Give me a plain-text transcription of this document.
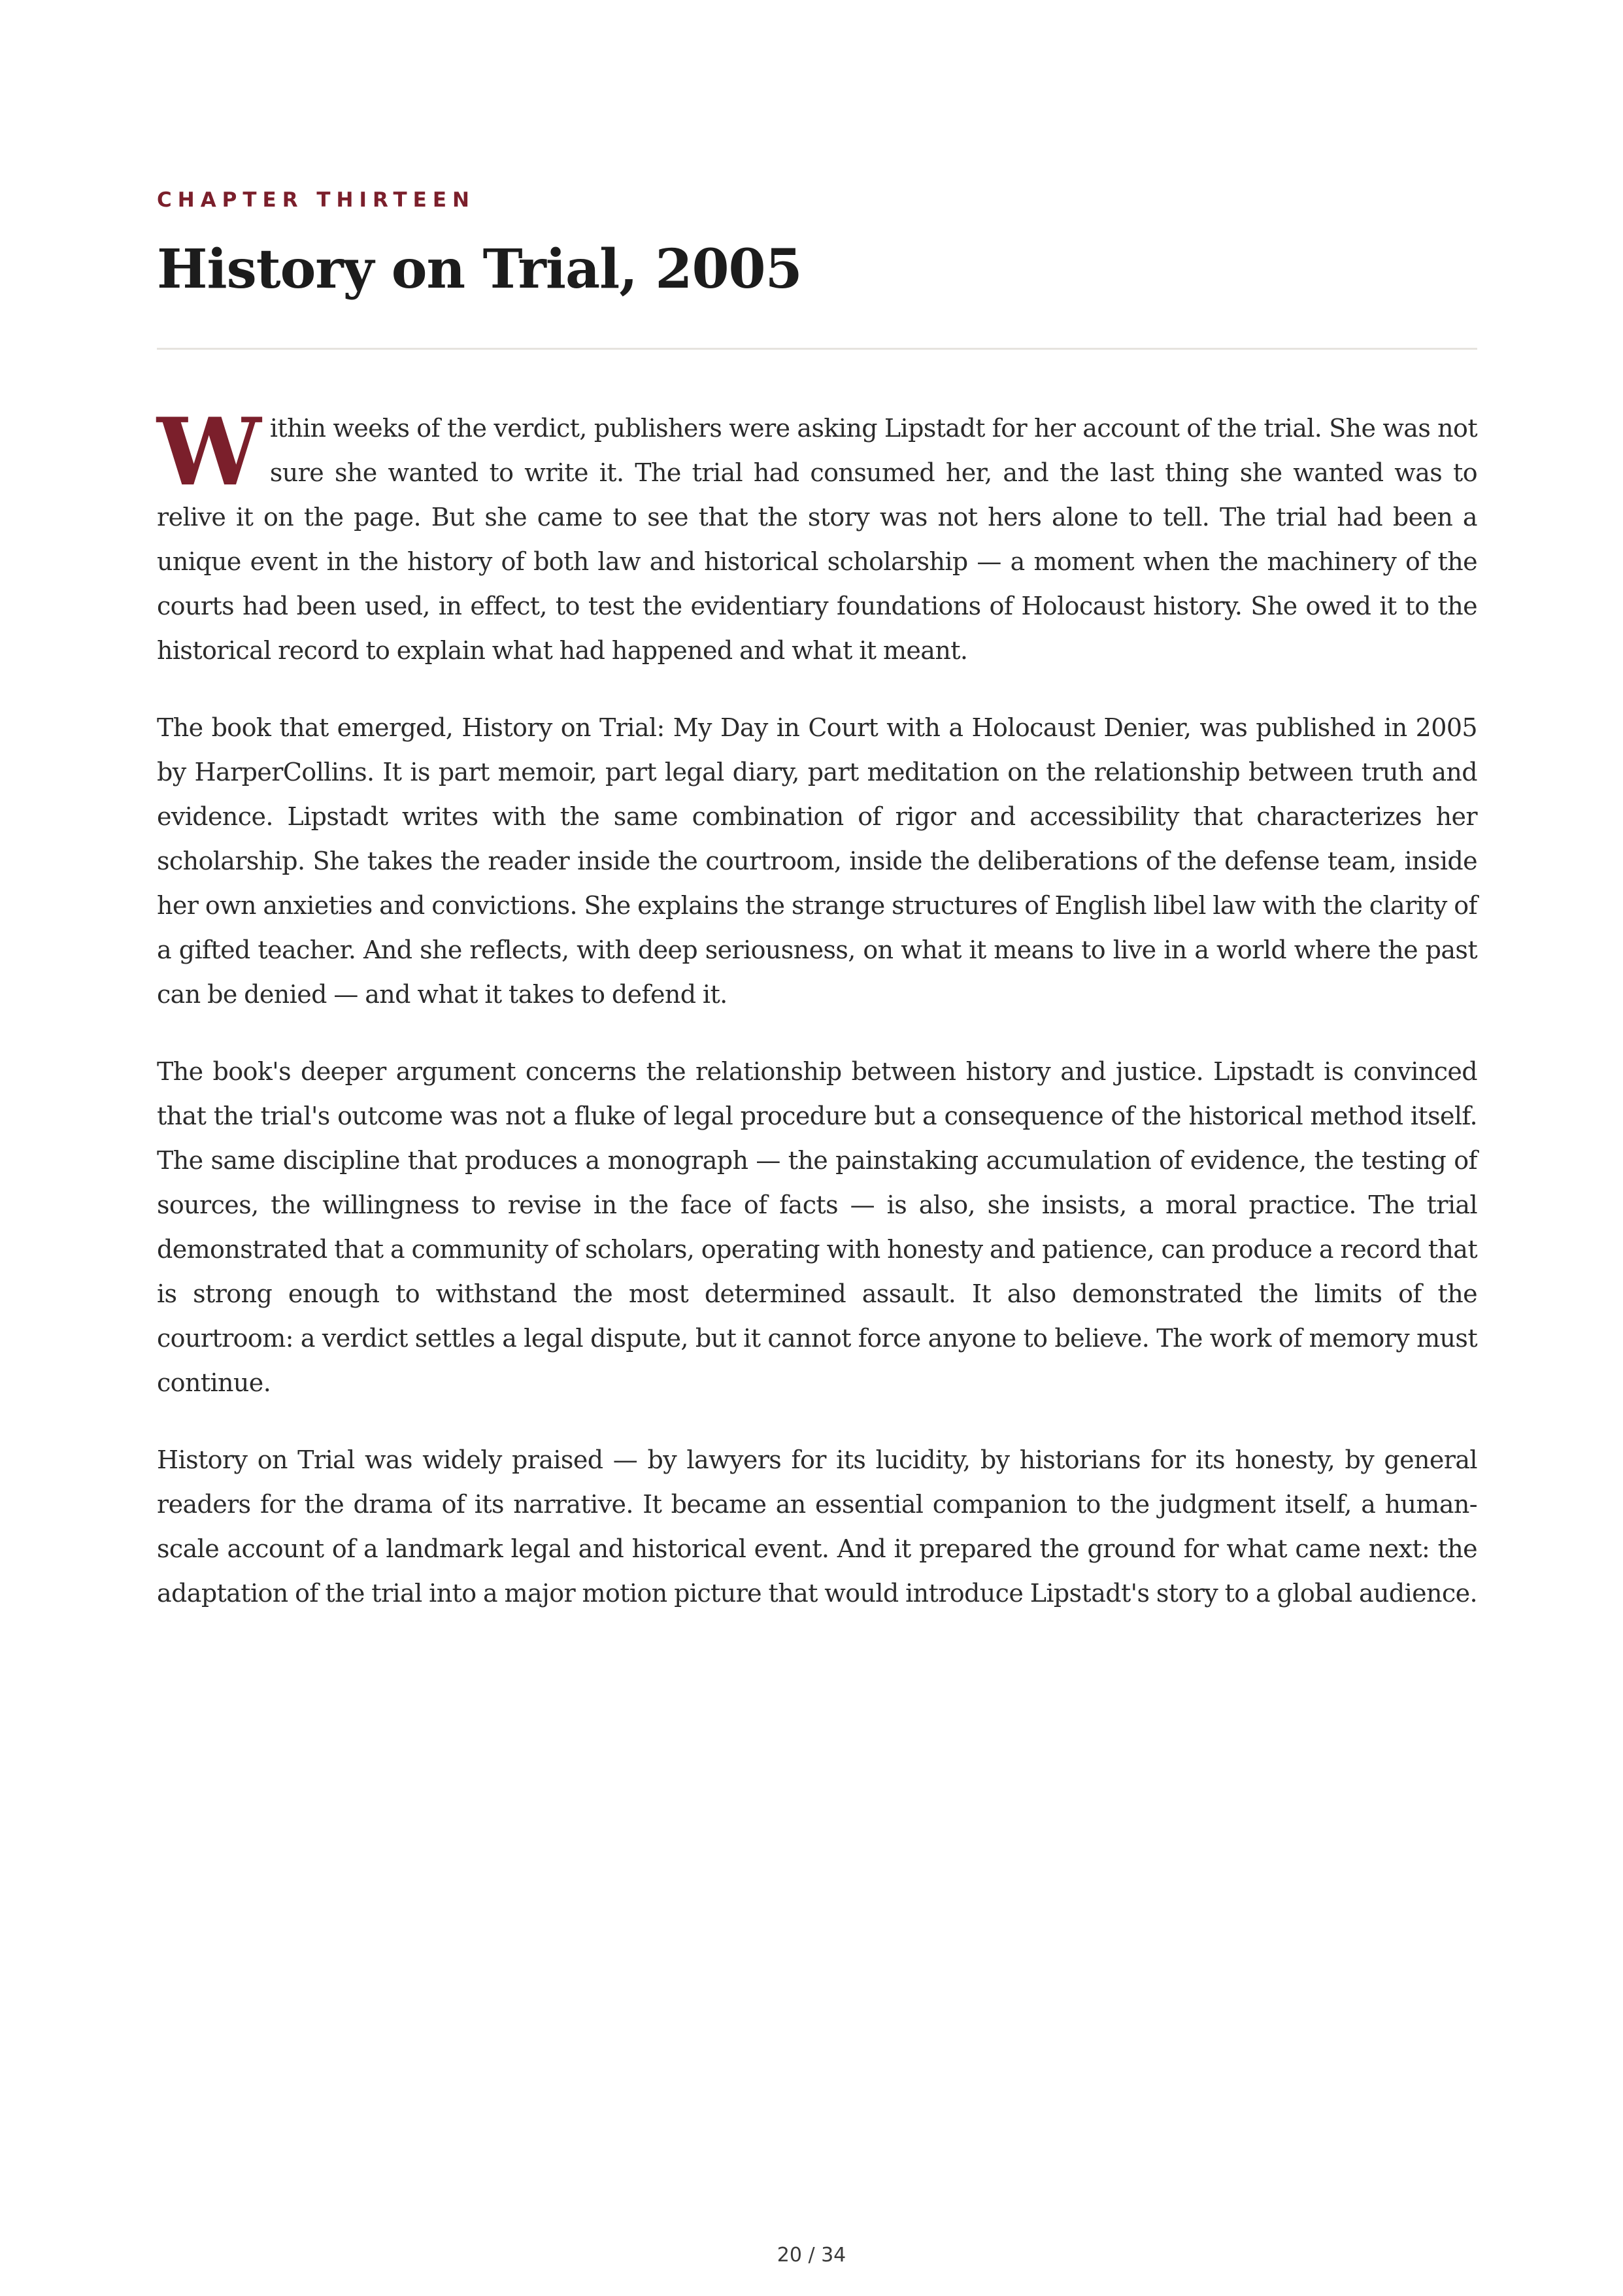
CHAPTER THIRTEEN
History on Trial, 2005

Within weeks of the verdict, publishers were asking Lipstadt for her account of the trial. She was not sure she wanted to write it. The trial had consumed her, and the last thing she wanted was to relive it on the page. But she came to see that the story was not hers alone to tell. The trial had been a unique event in the history of both law and historical scholarship — a moment when the machinery of the courts had been used, in effect, to test the evidentiary foundations of Holocaust history. She owed it to the historical record to explain what had happened and what it meant.

The book that emerged, History on Trial: My Day in Court with a Holocaust Denier, was published in 2005 by HarperCollins. It is part memoir, part legal diary, part meditation on the relationship between truth and evidence. Lipstadt writes with the same combination of rigor and accessibility that characterizes her scholarship. She takes the reader inside the courtroom, inside the deliberations of the defense team, inside her own anxieties and convictions. She explains the strange structures of English libel law with the clarity of a gifted teacher. And she reflects, with deep seriousness, on what it means to live in a world where the past can be denied — and what it takes to defend it.

The book's deeper argument concerns the relationship between history and justice. Lipstadt is convinced that the trial's outcome was not a fluke of legal procedure but a consequence of the historical method itself. The same discipline that produces a monograph — the painstaking accumulation of evidence, the testing of sources, the willingness to revise in the face of facts — is also, she insists, a moral practice. The trial demonstrated that a community of scholars, operating with honesty and patience, can produce a record that is strong enough to withstand the most determined assault. It also demonstrated the limits of the courtroom: a verdict settles a legal dispute, but it cannot force anyone to believe. The work of memory must continue.

History on Trial was widely praised — by lawyers for its lucidity, by historians for its honesty, by general readers for the drama of its narrative. It became an essential companion to the judgment itself, a human-scale account of a landmark legal and historical event. And it prepared the ground for what came next: the adaptation of the trial into a major motion picture that would introduce Lipstadt's story to a global audience.

20 / 34
